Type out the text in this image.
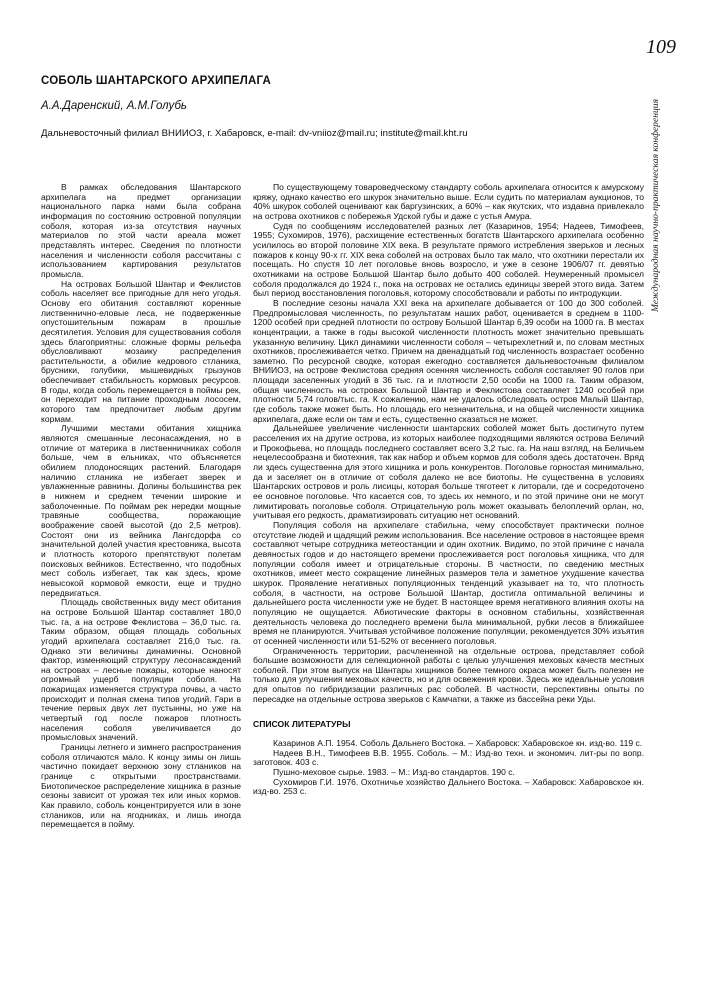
109
Международная научно-практическая конференция
СОБОЛЬ ШАНТАРСКОГО АРХИПЕЛАГА
А.А.Даренский, А.М.Голубь
Дальневосточный филиал ВНИИОЗ, г. Хабаровск, e-mail: dv-vniioz@mail.ru; institute@mail.kht.ru

В рамках обследования Шантарского архипелага на предмет организации национального парка нами была собрана информация по состоянию островной популяции соболя, которая из-за отсутствия научных материалов по этой части ареала может представлять интерес. Сведения по плотности населения и численности соболя рассчитаны с использованием картирования результатов промысла.

На островах Большой Шантар и Феклистов соболь населяет все пригодные для него угодья. Основу его обитания составляют коренные лиственнично-еловые леса, не подверженные опустошительным пожарам в прошлые десятилетия. Условия для существования соболя здесь благоприятны: сложные формы рельефа обусловливают мозаику распределения растительности, а обилие кедрового стланика, брусники, голубики, мышевидных грызунов обеспечивает стабильность кормовых ресурсов. В годы, когда соболь перемещается в поймы рек, он переходит на питание проходным лососем, которого там предпочитает любым другим кормам.

Лучшими местами обитания хищника являются смешанные лесонасаждения, но в отличие от материка в лиственничниках соболя больше, чем в ельниках, что объясняется обилием плодоносящих растений. Благодаря наличию стланика не избегает зверек и увлажненные равнины. Долины большинства рек в нижнем и среднем течении широкие и заболоченные. По поймам рек нередки мощные травяные сообщества, поражающие воображение своей высотой (до 2,5 метров). Состоят они из вейника Лангсдорфа со значительной долей участия крестовника, высота и плотность которого препятствуют полетам поисковых вейников. Естественно, что подобных мест соболь избегает, так как здесь, кроме невысокой кормовой емкости, еще и трудно передвигаться.

Площадь свойственных виду мест обитания на острове Большой Шантар составляет 180,0 тыс. га, а на острове Феклистова – 36,0 тыс. га. Таким образом, общая площадь собольных угодий архипелага составляет 216,0 тыс. га. Однако эти величины динамичны. Основной фактор, изменяющий структуру лесонасаждений на островах – лесные пожары, которые наносят огромный ущерб популяции соболя. На пожарищах изменяется структура почвы, а часто происходит и полная смена типов угодий. Гари в течение первых двух лет пустынны, но уже на четвертый год после пожаров плотность населения соболя увеличивается до промысловых значений.

Границы летнего и зимнего распространения соболя отличаются мало. К концу зимы он лишь частично покидает верхнюю зону стлаников на границе с открытыми пространствами. Биотопическое распределение хищника в разные сезоны зависит от урожая тех или иных кормов. Как правило, соболь концентрируется или в зоне стлаников, или на ягодниках, и лишь иногда перемещается в пойму.

По существующему товароведческому стандарту соболь архипелага относится к амурскому кряжу, однако качество его шкурок значительно выше. Если судить по материалам аукционов, то 40% шкурок соболей оценивают как баргузинских, а 60% – как якутских, что издавна привлекало на острова охотников с побережья Удской губы и даже с устья Амура.

Судя по сообщениям исследователей разных лет (Казаринов, 1954; Надеев, Тимофеев, 1955; Сухомиров, 1976), расхищение естественных богатств Шантарского архипелага особенно усилилось во второй половине XIX века. В результате прямого истребления зверьков и лесных пожаров к концу 90-х гг. XIX века соболей на островах было так мало, что охотники перестали их посещать. Но спустя 10 лет поголовье вновь возросло, и уже в сезоне 1906/07 гг. девятью охотниками на острове Большой Шантар было добыто 400 соболей. Неумеренный промысел соболя продолжался до 1924 г., пока на островах не остались единицы зверей этого вида. Затем был период восстановления поголовья, которому способствовали и работы по интродукции.

В последние сезоны начала XXI века на архипелаге добывается от 100 до 300 соболей. Предпромысловая численность, по результатам наших работ, оценивается в среднем в 1100-1200 особей при средней плотности по острову Большой Шантар 6,39 особи на 1000 га. В местах концентрации, а также в годы высокой численности плотность может значительно превышать указанную величину. Цикл динамики численности соболя – четырехлетний и, по словам местных охотников, прослеживается четко. Причем на двенадцатый год численность возрастает особенно заметно. По ресурсной сводке, которая ежегодно составляется дальневосточным филиалом ВНИИОЗ, на острове Феклистова средняя осенняя численность соболя составляет 90 голов при площади заселенных угодий в 36 тыс. га и плотности 2,50 особи на 1000 га. Таким образом, общая численность на островах Большой Шантар и Феклистова составляет 1240 особей при плотности 5,74 голов/тыс. га. К сожалению, нам не удалось обследовать остров Малый Шантар, где соболь также может быть. Но площадь его незначительна, и на общей численности хищника архипелага, даже если он там и есть, существенно сказаться не может.

Дальнейшее увеличение численности шантарских соболей может быть достигнуто путем расселения их на другие острова, из которых наиболее подходящими являются острова Беличий и Прокофьева, но площадь последнего составляет всего 3,2 тыс. га. На наш взгляд, на Беличьем нецелесообразна и биотехния, так как набор и объем кормов для соболя здесь достаточен. Вряд ли здесь существенна для этого хищника и роль конкурентов. Поголовье горностая минимально, да и заселяет он в отличие от соболя далеко не все биотопы. Не существенна в условиях Шантарских островов и роль лисицы, которая больше тяготеет к литорали, где и сосредоточено ее основное поголовье. Что касается сов, то здесь их немного, и по этой причине они не могут лимитировать поголовье соболя. Отрицательную роль может оказывать белоплечий орлан, но, учитывая его редкость, драматизировать ситуацию нет оснований.

Популяция соболя на архипелаге стабильна, чему способствует практически полное отсутствие людей и щадящий режим использования. Все население островов в настоящее время составляют четыре сотрудника метеостанции и один охотник. Видимо, по этой причине с начала девяностых годов и до настоящего времени прослеживается рост поголовья хищника, что для популяции соболя имеет и отрицательные стороны. В частности, по сведению местных охотников, имеет место сокращение линейных размеров тела и заметное ухудшение качества шкурок. Проявление негативных популяционных тенденций указывает на то, что плотность соболя, в частности, на острове Большой Шантар, достигла оптимальной величины и дальнейшего роста численности уже не будет. В настоящее время негативного влияния охоты на популяцию не ощущается. Абиотические факторы в основном стабильны, хозяйственная деятельность человека до последнего времени была минимальной, рубки лесов в ближайшее время не планируются. Учитывая устойчивое положение популяции, рекомендуется 30% изъятия от осенней численности или 51-52% от весеннего поголовья.

Ограниченность территории, расчлененной на отдельные острова, представляет собой большие возможности для селекционной работы с целью улучшения меховых качеств местных соболей. При этом выпуск на Шантары хищников более темного окраса может быть полезен не только для улучшения меховых качеств, но и для освежения крови. Здесь же идеальные условия для опытов по гибридизации различных рас соболей. В частности, перспективны опыты по пересадке на отдельные острова зверьков с Камчатки, а также из бассейна реки Уды.

СПИСОК ЛИТЕРАТУРЫ

Казаринов А.П. 1954. Соболь Дальнего Востока. – Хабаровск: Хабаровское кн. изд-во. 119 с.

Надеев В.Н., Тимофеев В.В. 1955. Соболь. – М.: Изд-во техн. и экономич. лит-ры по вопр. заготовок. 403 с.

Пушно-меховое сырье. 1983. – М.: Изд-во стандартов. 190 с.

Сухомиров Г.И. 1976. Охотничье хозяйство Дальнего Востока. – Хабаровск: Хабаровское кн. изд-во. 253 с.
